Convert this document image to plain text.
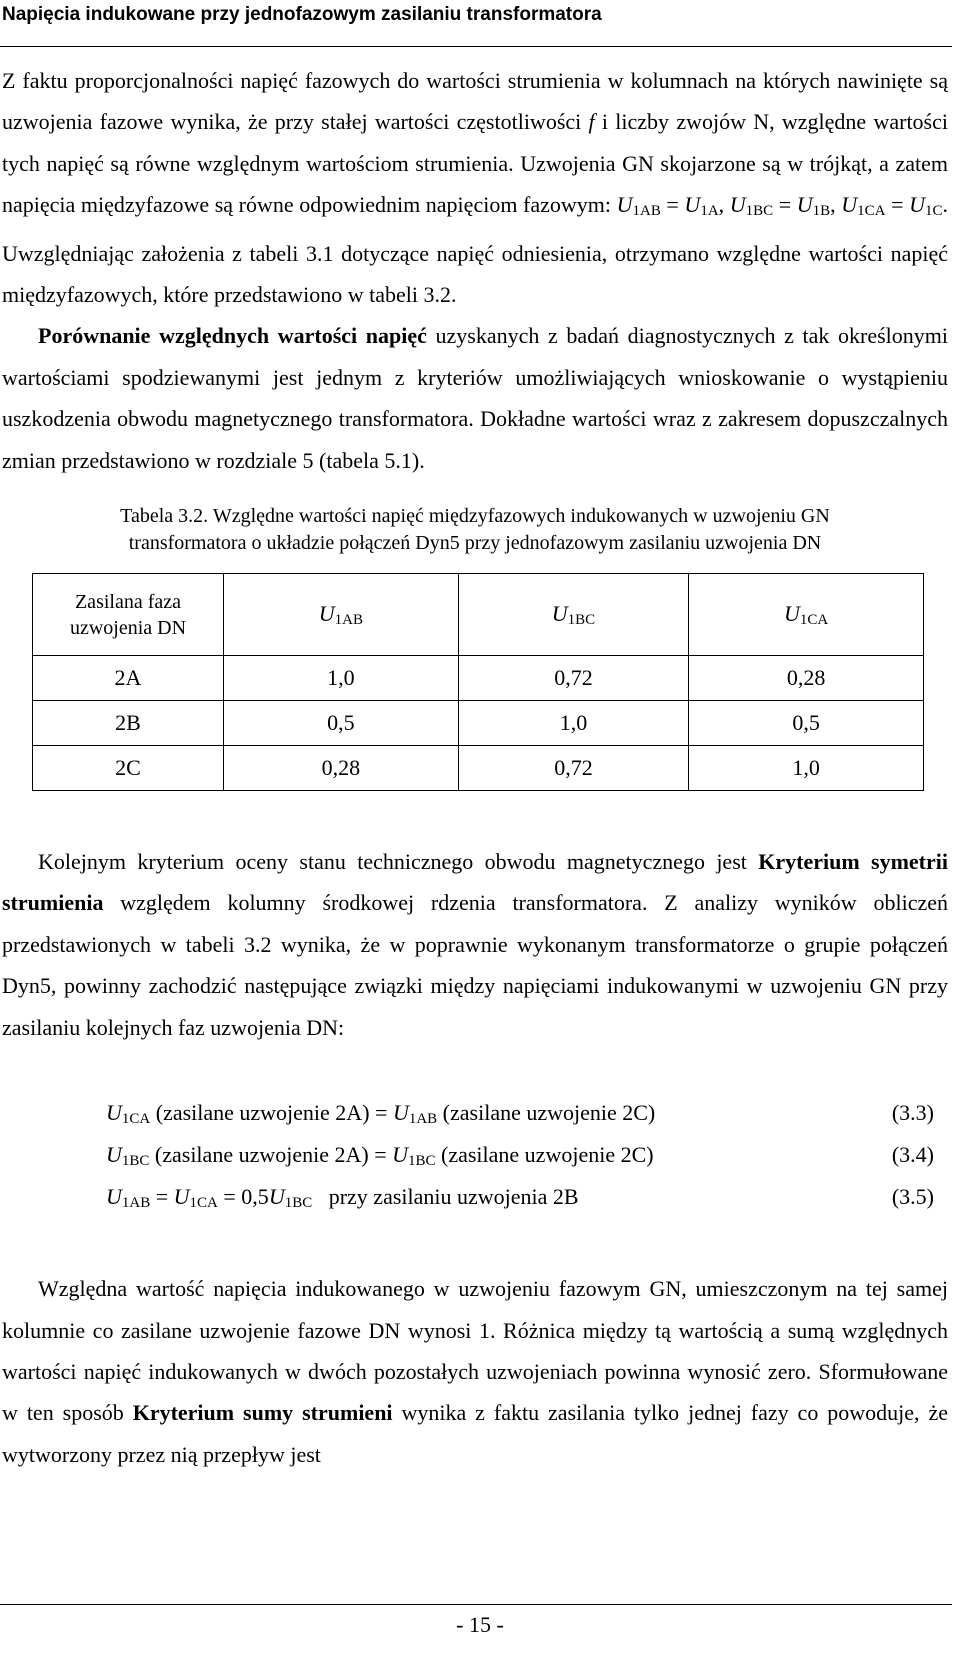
Napięcia indukowane przy jednofazowym zasilaniu transformatora

Z faktu proporcjonalności napięć fazowych do wartości strumienia w kolumnach na których nawinięte są uzwojenia fazowe wynika, że przy stałej wartości częstotliwości f i liczby zwojów N, względne wartości tych napięć są równe względnym wartościom strumienia. Uzwojenia GN skojarzone są w trójkąt, a zatem napięcia międzyfazowe są równe odpowiednim napięciom fazowym: $U_{1AB} = U_{1A}$, $U_{1BC} = U_{1B}$, $U_{1CA} = U_{1C}$. Uwzględniając założenia z tabeli 3.1 dotyczące napięć odniesienia, otrzymano względne wartości napięć międzyfazowych, które przedstawiono w tabeli 3.2.

Porównanie względnych wartości napięć uzyskanych z badań diagnostycznych z tak określonymi wartościami spodziewanymi jest jednym z kryteriów umożliwiających wnioskowanie o wystąpieniu uszkodzenia obwodu magnetycznego transformatora. Dokładne wartości wraz z zakresem dopuszczalnych zmian przedstawiono w rozdziale 5 (tabela 5.1).

Tabela 3.2. Względne wartości napięć międzyfazowych indukowanych w uzwojeniu GN
transformatora o układzie połączeń Dyn5 przy jednofazowym zasilaniu uzwojenia DN
Zasilana faza
uzwojenia DN	$U_{1AB}$	$U_{1BC}$	$U_{1CA}$
2A	1,0	0,72	0,28
2B	0,5	1,0	0,5
2C	0,28	0,72	1,0

Kolejnym kryterium oceny stanu technicznego obwodu magnetycznego jest Kryterium symetrii strumienia względem kolumny środkowej rdzenia transformatora. Z analizy wyników obliczeń przedstawionych w tabeli 3.2 wynika, że w poprawnie wykonanym transformatorze o grupie połączeń Dyn5, powinny zachodzić następujące związki między napięciami indukowanymi w uzwojeniu GN przy zasilaniu kolejnych faz uzwojenia DN:

$U_{1CA}$ (zasilane uzwojenie $2A) = U_{1AB}$ (zasilane uzwojenie 2C)	(3.3)
$U_{1BC}$ (zasilane uzwojenie $2A) = U_{1BC}$ (zasilane uzwojenie 2C)	(3.4)
$U_{1AB} = U_{1CA} = 0,5U_{1BC}$   przy zasilaniu uzwojenia 2B	(3.5)

Względna wartość napięcia indukowanego w uzwojeniu fazowym GN, umieszczonym na tej samej kolumnie co zasilane uzwojenie fazowe DN wynosi 1. Różnica między tą wartością a sumą względnych wartości napięć indukowanych w dwóch pozostałych uzwojeniach powinna wynosić zero. Sformułowane w ten sposób Kryterium sumy strumieni wynika z faktu zasilania tylko jednej fazy co powoduje, że wytworzony przez nią przepływ jest

- 15 -
